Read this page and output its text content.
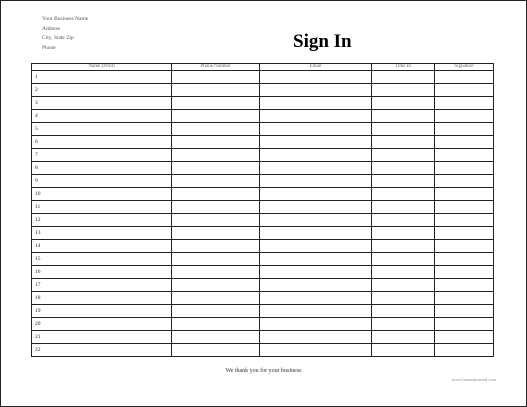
Your Business Name
Address
City, State Zip
Phone	Sign In
Name (Print)	Phone Number	Email	Time In	Signature
1				
2				
3				
4				
5				
6				
7				
8				
9				
10				
11				
12				
13				
14				
15				
16				
17				
18				
19				
20				
21				
22				
We thank you for your business
www.formsbyemail.com
